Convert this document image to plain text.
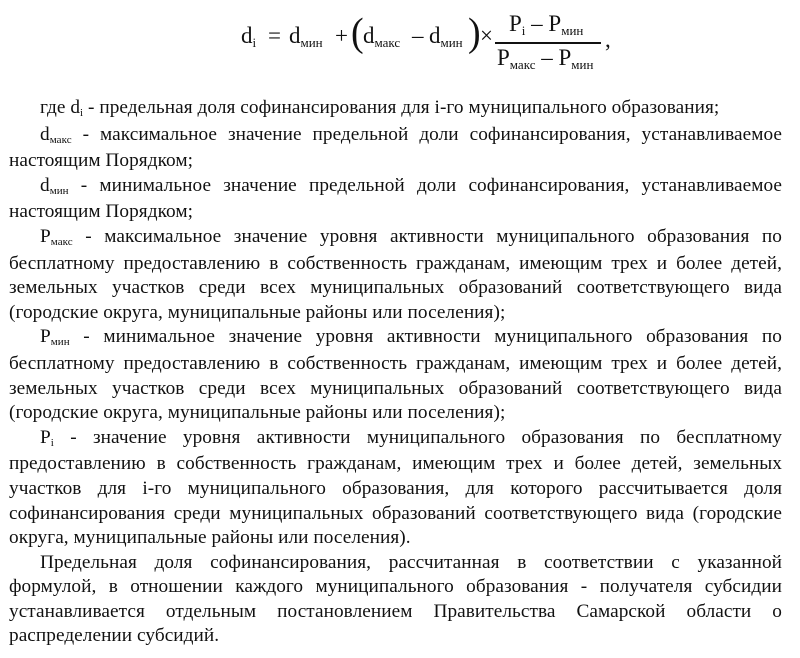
di = dмин + ( dмакс – dмин ) × Pi – Pмин
Pмакс – Pмин
,

где di - предельная доля софинансирования для i-го муниципального образования;

dмакс - максимальное значение предельной доли софинансирования, устанавливаемое настоящим Порядком;

dмин - минимальное значение предельной доли софинансирования, устанавливаемое настоящим Порядком;

Pмакс - максимальное значение уровня активности муниципального образования по бесплатному предоставлению в собственность гражданам, имеющим трех и более детей, земельных участков среди всех муниципальных образований соответствующего вида (городские округа, муниципальные районы или поселения);

Pмин - минимальное значение уровня активности муниципального образования по бесплатному предоставлению в собственность гражданам, имеющим трех и более детей, земельных участков среди всех муниципальных образований соответствующего вида (городские округа, муниципальные районы или поселения);

Pi - значение уровня активности муниципального образования по бесплатному предоставлению в собственность гражданам, имеющим трех и более детей, земельных участков для i-го муниципального образования, для которого рассчитывается доля софинансирования среди муниципальных образований соответствующего вида (городские округа, муниципальные районы или поселения).

Предельная доля софинансирования, рассчитанная в соответствии с указанной формулой, в отношении каждого муниципального образования - получателя субсидии устанавливается отдельным постановлением Правительства Самарской области о распределении субсидий.
